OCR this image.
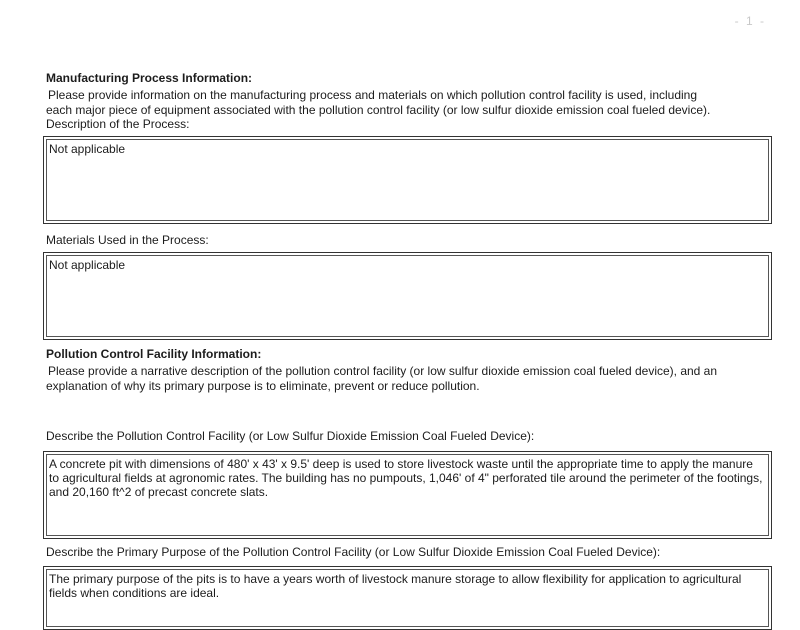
- 1 -
Manufacturing Process Information:
Please provide information on the manufacturing process and materials on which pollution control facility is used, including
each major piece of equipment associated with the pollution control facility (or low sulfur dioxide emission coal fueled device).
Description of the Process:
Not applicable
Materials Used in the Process:
Not applicable
Pollution Control Facility Information:
Please provide a narrative description of the pollution control facility (or low sulfur dioxide emission coal fueled device), and an
explanation of why its primary purpose is to eliminate, prevent or reduce pollution.
Describe the Pollution Control Facility (or Low Sulfur Dioxide Emission Coal Fueled Device):
A concrete pit with dimensions of 480' x 43' x 9.5' deep is used to store livestock waste until the appropriate time to apply the manure to agricultural fields at agronomic rates. The building has no pumpouts, 1,046' of 4" perforated tile around the perimeter of the footings, and 20,160 ft^2 of precast concrete slats.
Describe the Primary Purpose of the Pollution Control Facility (or Low Sulfur Dioxide Emission Coal Fueled Device):
The primary purpose of the pits is to have a years worth of livestock manure storage to allow flexibility for application to agricultural fields when conditions are ideal.
